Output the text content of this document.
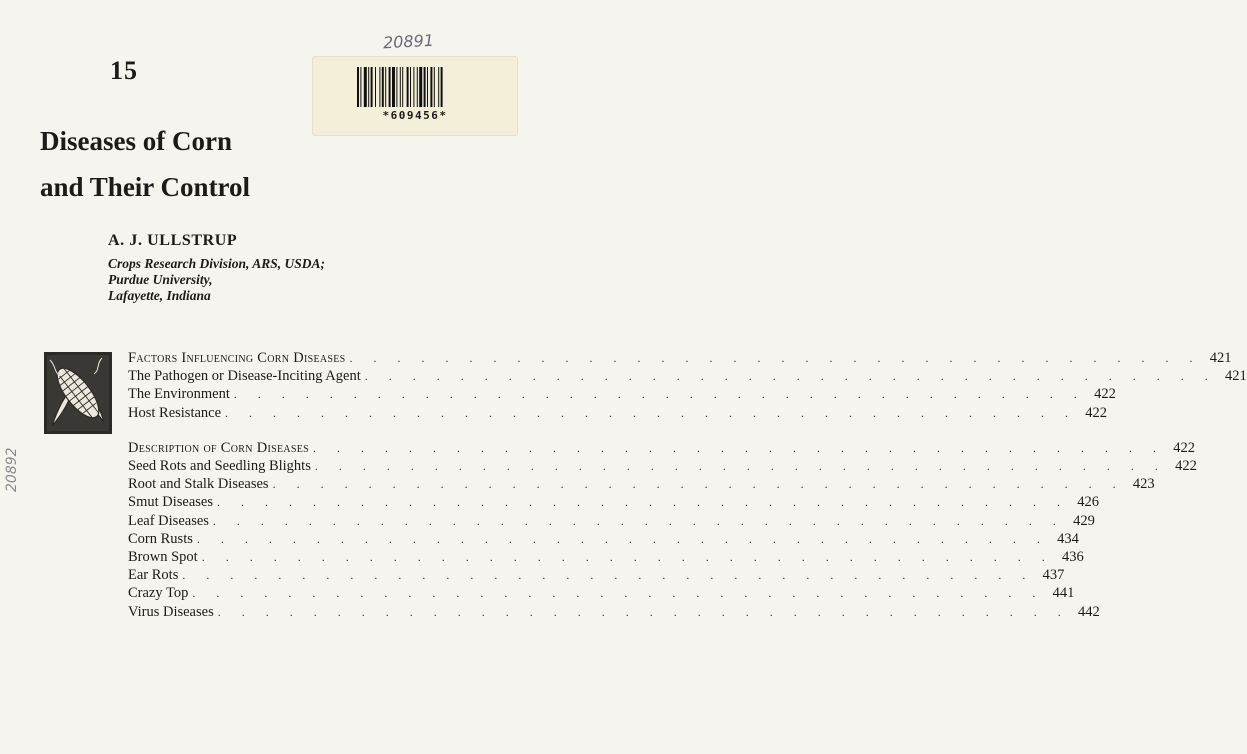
15
20891
*609456*
Diseases of Corn
and Their Control
A. J. ULLSTRUP
Crops Research Division, ARS, USDA;
Purdue University,
Lafayette, Indiana
Factors Influencing Corn Diseases . . . . . . . . . . . . . . . . . . . . . . . . . . . . . . . . . . . . 421
The Pathogen or Disease-Inciting Agent . . . . . . . . . . . . . . . . . . . . . . . . . . . . . . . . . . . . 421
The Environment . . . . . . . . . . . . . . . . . . . . . . . . . . . . . . . . . . . . 422
Host Resistance . . . . . . . . . . . . . . . . . . . . . . . . . . . . . . . . . . . . 422
Description of Corn Diseases . . . . . . . . . . . . . . . . . . . . . . . . . . . . . . . . . . . . 422
Seed Rots and Seedling Blights . . . . . . . . . . . . . . . . . . . . . . . . . . . . . . . . . . . . 422
Root and Stalk Diseases . . . . . . . . . . . . . . . . . . . . . . . . . . . . . . . . . . . . 423
Smut Diseases . . . . . . . . . . . . . . . . . . . . . . . . . . . . . . . . . . . . 426
Leaf Diseases . . . . . . . . . . . . . . . . . . . . . . . . . . . . . . . . . . . . 429
Corn Rusts . . . . . . . . . . . . . . . . . . . . . . . . . . . . . . . . . . . . 434
Brown Spot . . . . . . . . . . . . . . . . . . . . . . . . . . . . . . . . . . . . 436
Ear Rots . . . . . . . . . . . . . . . . . . . . . . . . . . . . . . . . . . . . 437
Crazy Top . . . . . . . . . . . . . . . . . . . . . . . . . . . . . . . . . . . . 441
Virus Diseases . . . . . . . . . . . . . . . . . . . . . . . . . . . . . . . . . . . . 442
20892
